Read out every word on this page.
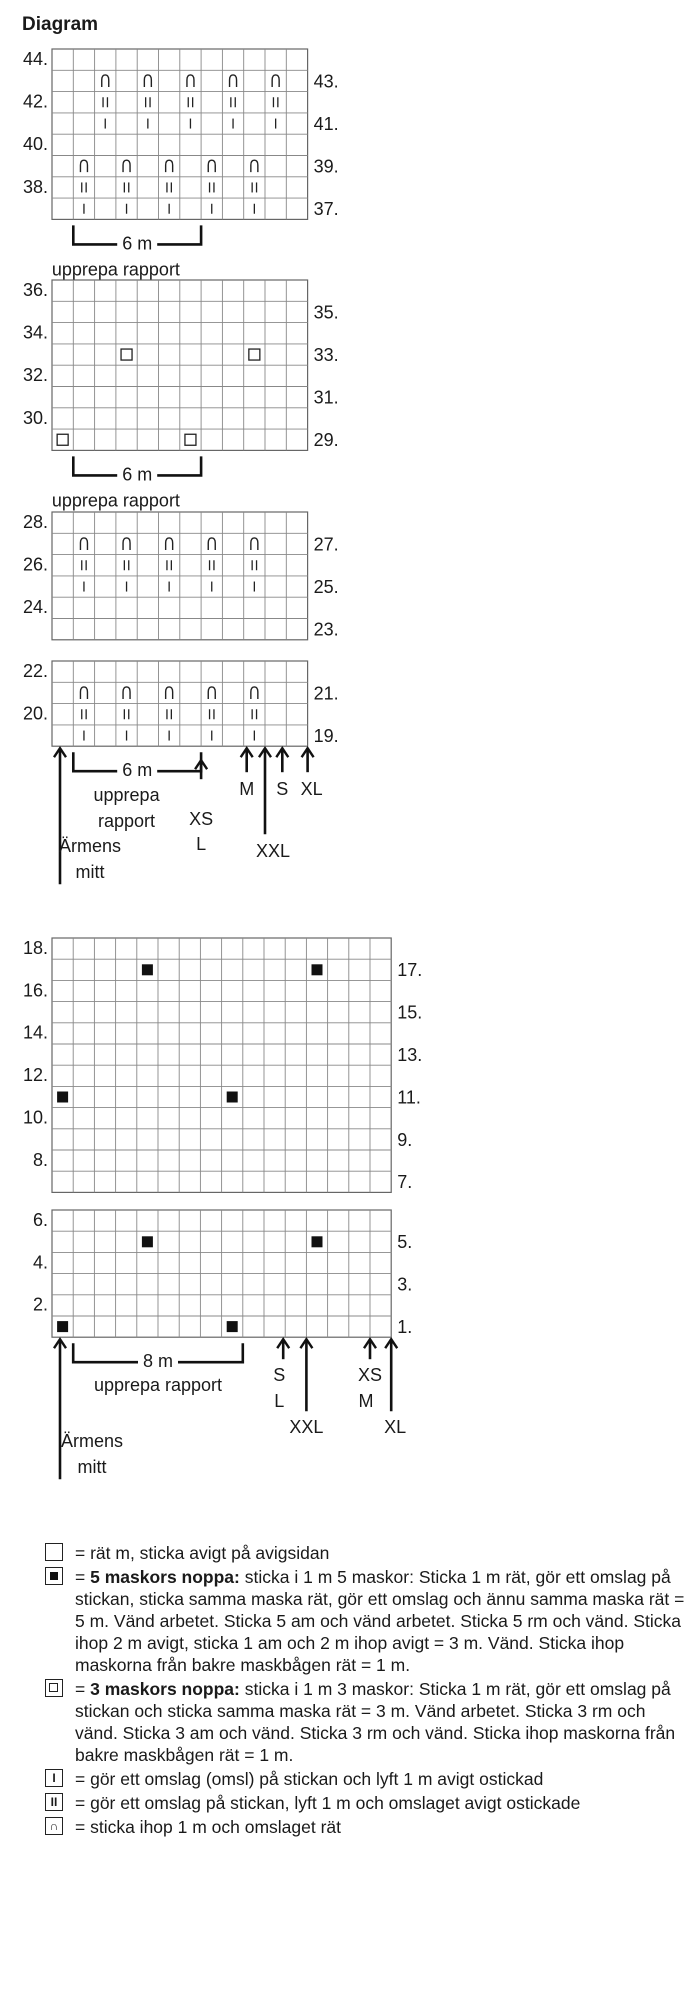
Diagram
44.
42.
40.
38.
43.
41.
39.
37.
36.
34.
32.
30.
35.
33.
31.
29.
28.
26.
24.
27.
25.
23.
22.
20.
21.
19.
18.
16.
14.
12.
10.
8.
17.
15.
13.
11.
9.
7.
6.
4.
2.
5.
3.
1.
6 m
upprepa rapport
6 m
upprepa rapport
6 m
upprepa
rapport
Ärmens
mitt
XS
L
M
XXL
S XL
8 m
upprepa rapport
Ärmens
mitt
S
L
XXL
XS
M
XL
= rät m, sticka avigt på avigsidan
= 5 maskors noppa: sticka i 1 m 5 maskor: Sticka 1 m rät, gör ett omslag på stickan, sticka samma maska rät, gör ett omslag och ännu samma maska rät = 5 m. Vänd arbetet. Sticka 5 am och vänd arbetet. Sticka 5 rm och vänd. Sticka ihop 2 m avigt, sticka 1 am och 2 m ihop avigt = 3 m. Vänd. Sticka ihop maskorna från bakre maskbågen rät = 1 m.
= 3 maskors noppa: sticka i 1 m 3 maskor: Sticka 1 m rät, gör ett omslag på stickan och sticka samma maska rät = 3 m. Vänd arbetet. Sticka 3 rm och vänd. Sticka 3 am och vänd. Sticka 3 rm och vänd. Sticka ihop maskorna från bakre maskbågen rät = 1 m.
I	= gör ett omslag (omsl) på stickan och lyft 1 m avigt ostickad
II	= gör ett omslag på stickan, lyft 1 m och omslaget avigt ostickade
∩ = sticka ihop 1 m och omslaget rät
